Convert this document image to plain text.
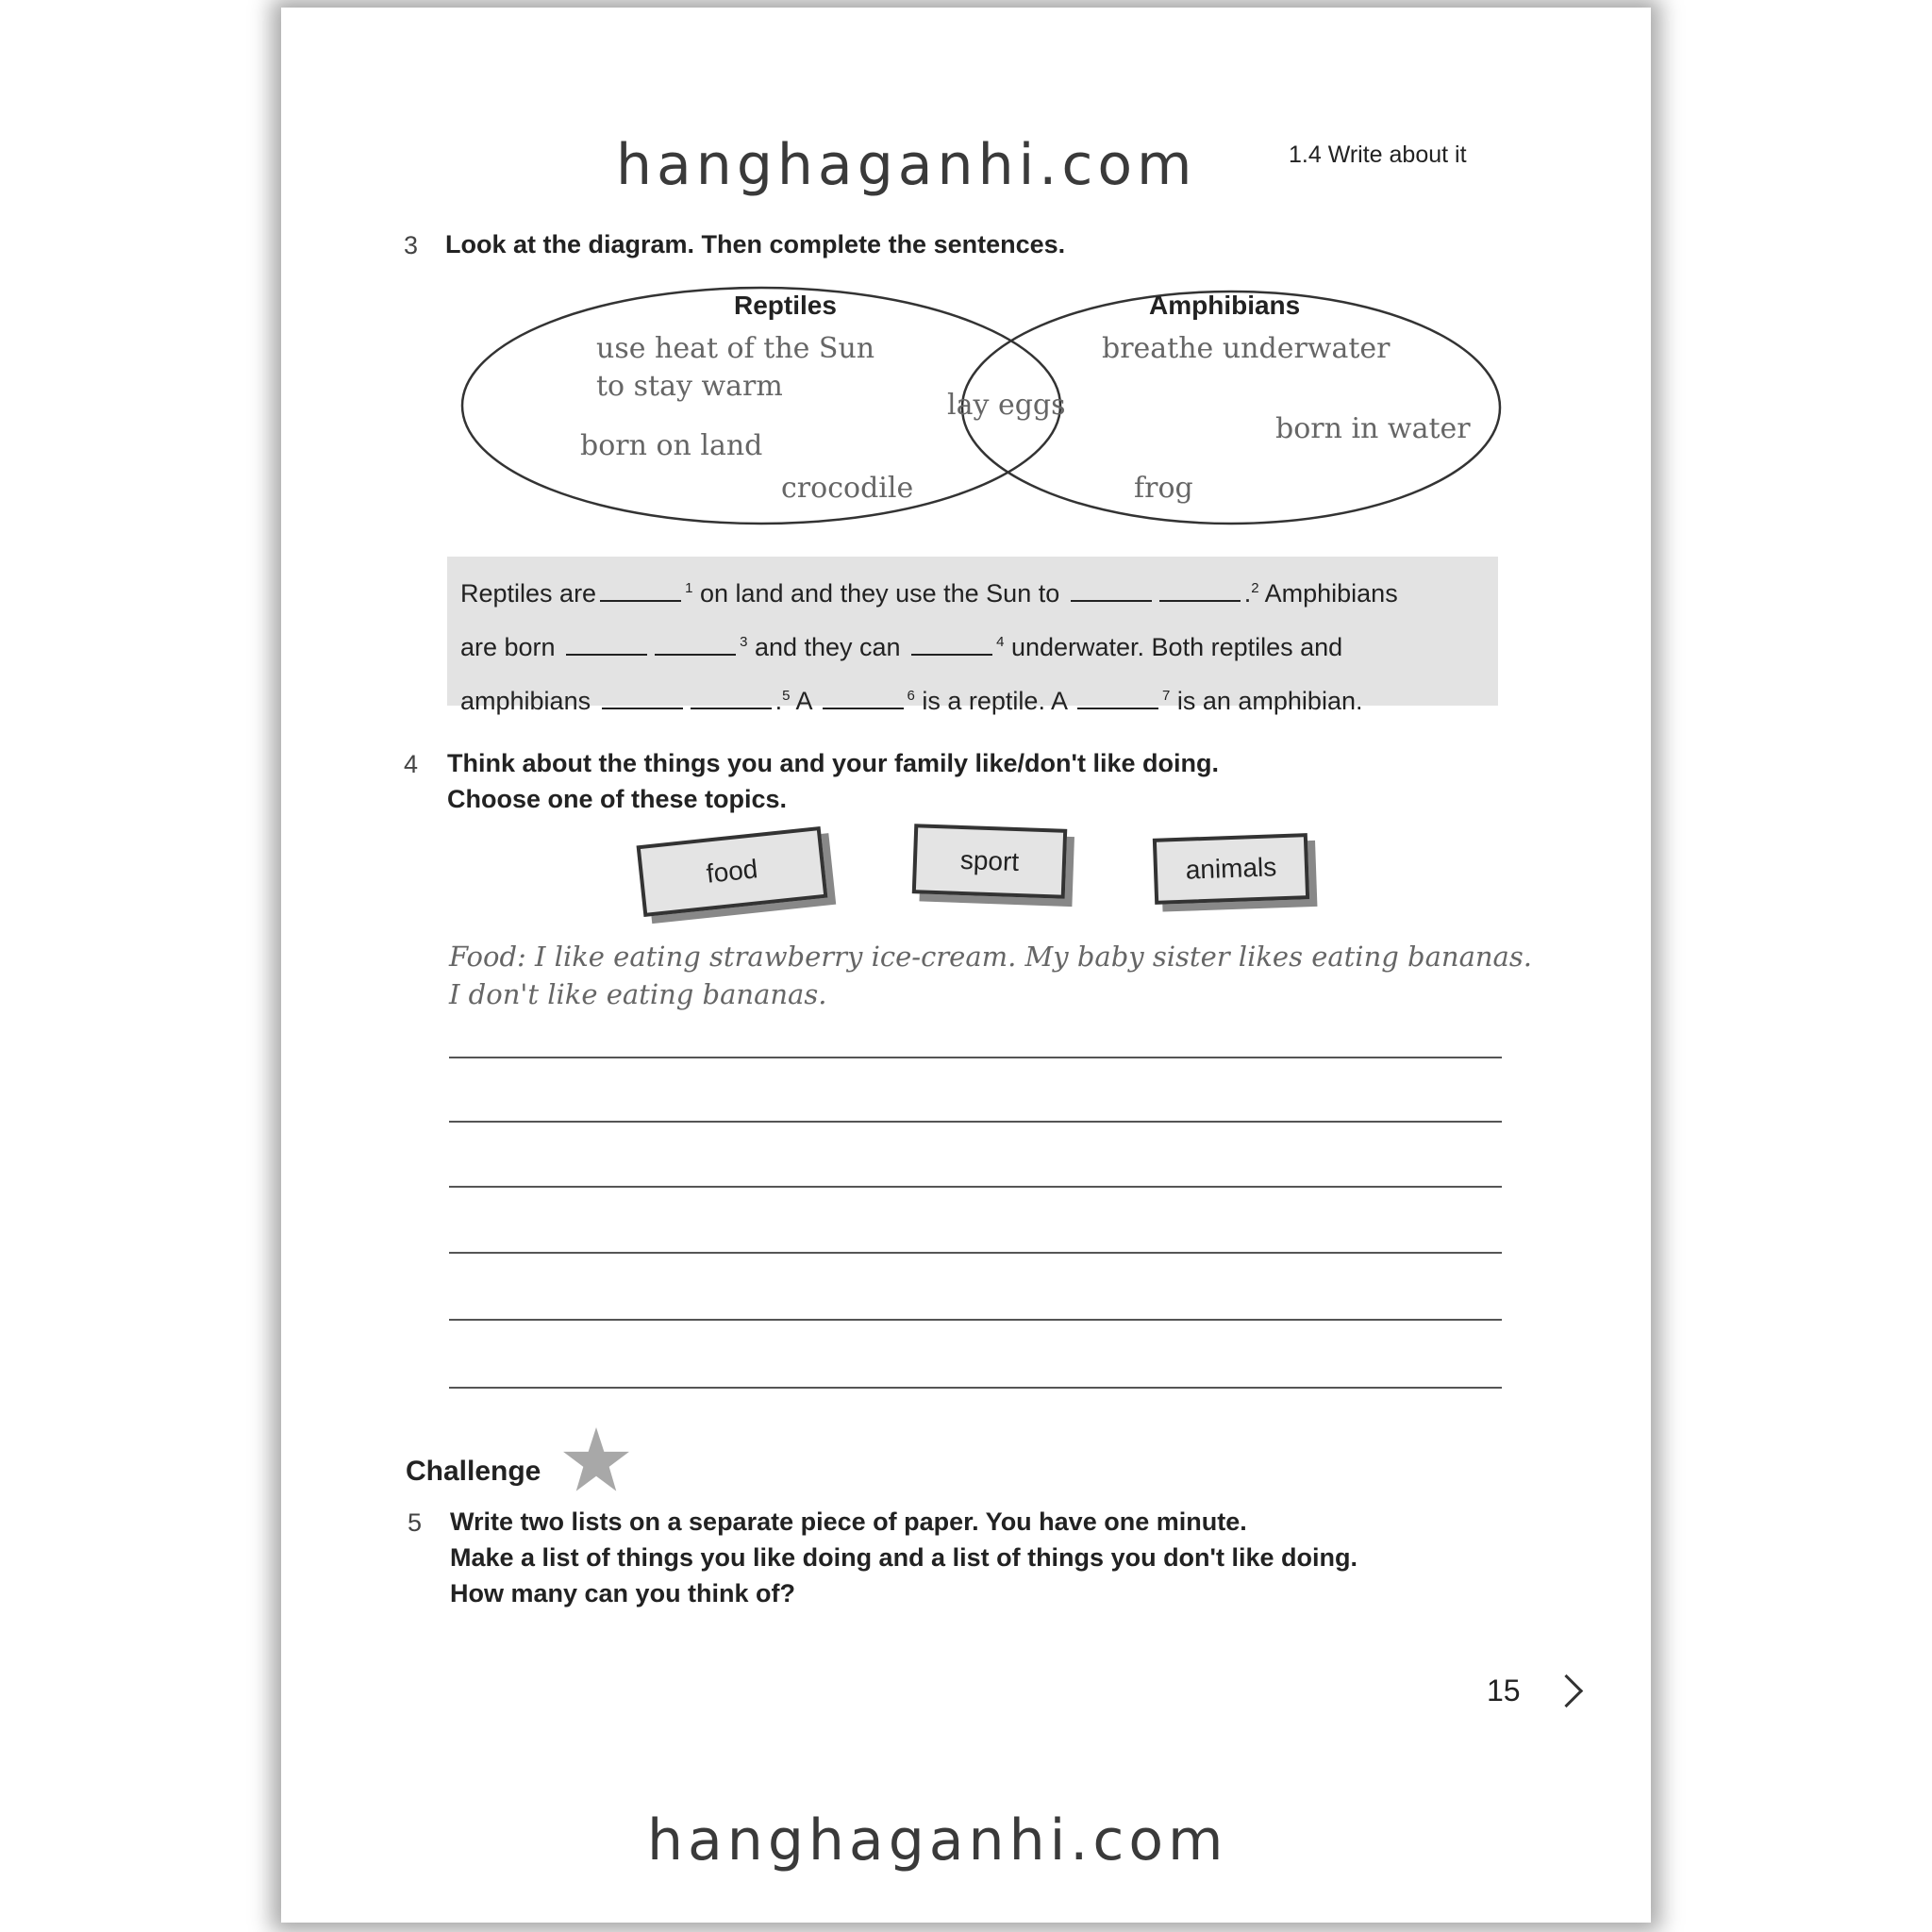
hanghaganhi.com	1.4 Write about it
3 Look at the diagram. Then complete the sentences.
Reptiles	Amphibians
use heat of the Sun
to stay warm
born on land
crocodile
lay eggs
breathe underwater
born in water
frog
Reptiles are	$^1$ on land and they use the Sun to	.$^2$ Amphibians
are born	$^3$ and they can	$^4$ underwater. Both reptiles and
amphibians	.$^5$ A	$^6$ is a reptile. A	$^7$ is an amphibian.
4 Think about the things you and your family like/don't like doing.
Choose one of these topics.
food	sport	animals
Food: I like eating strawberry ice-cream. My baby sister likes eating bananas.
I don't like eating bananas.
Challenge
5 Write two lists on a separate piece of paper. You have one minute.
Make a list of things you like doing and a list of things you don't like doing.
How many can you think of?
15
hanghaganhi.com
